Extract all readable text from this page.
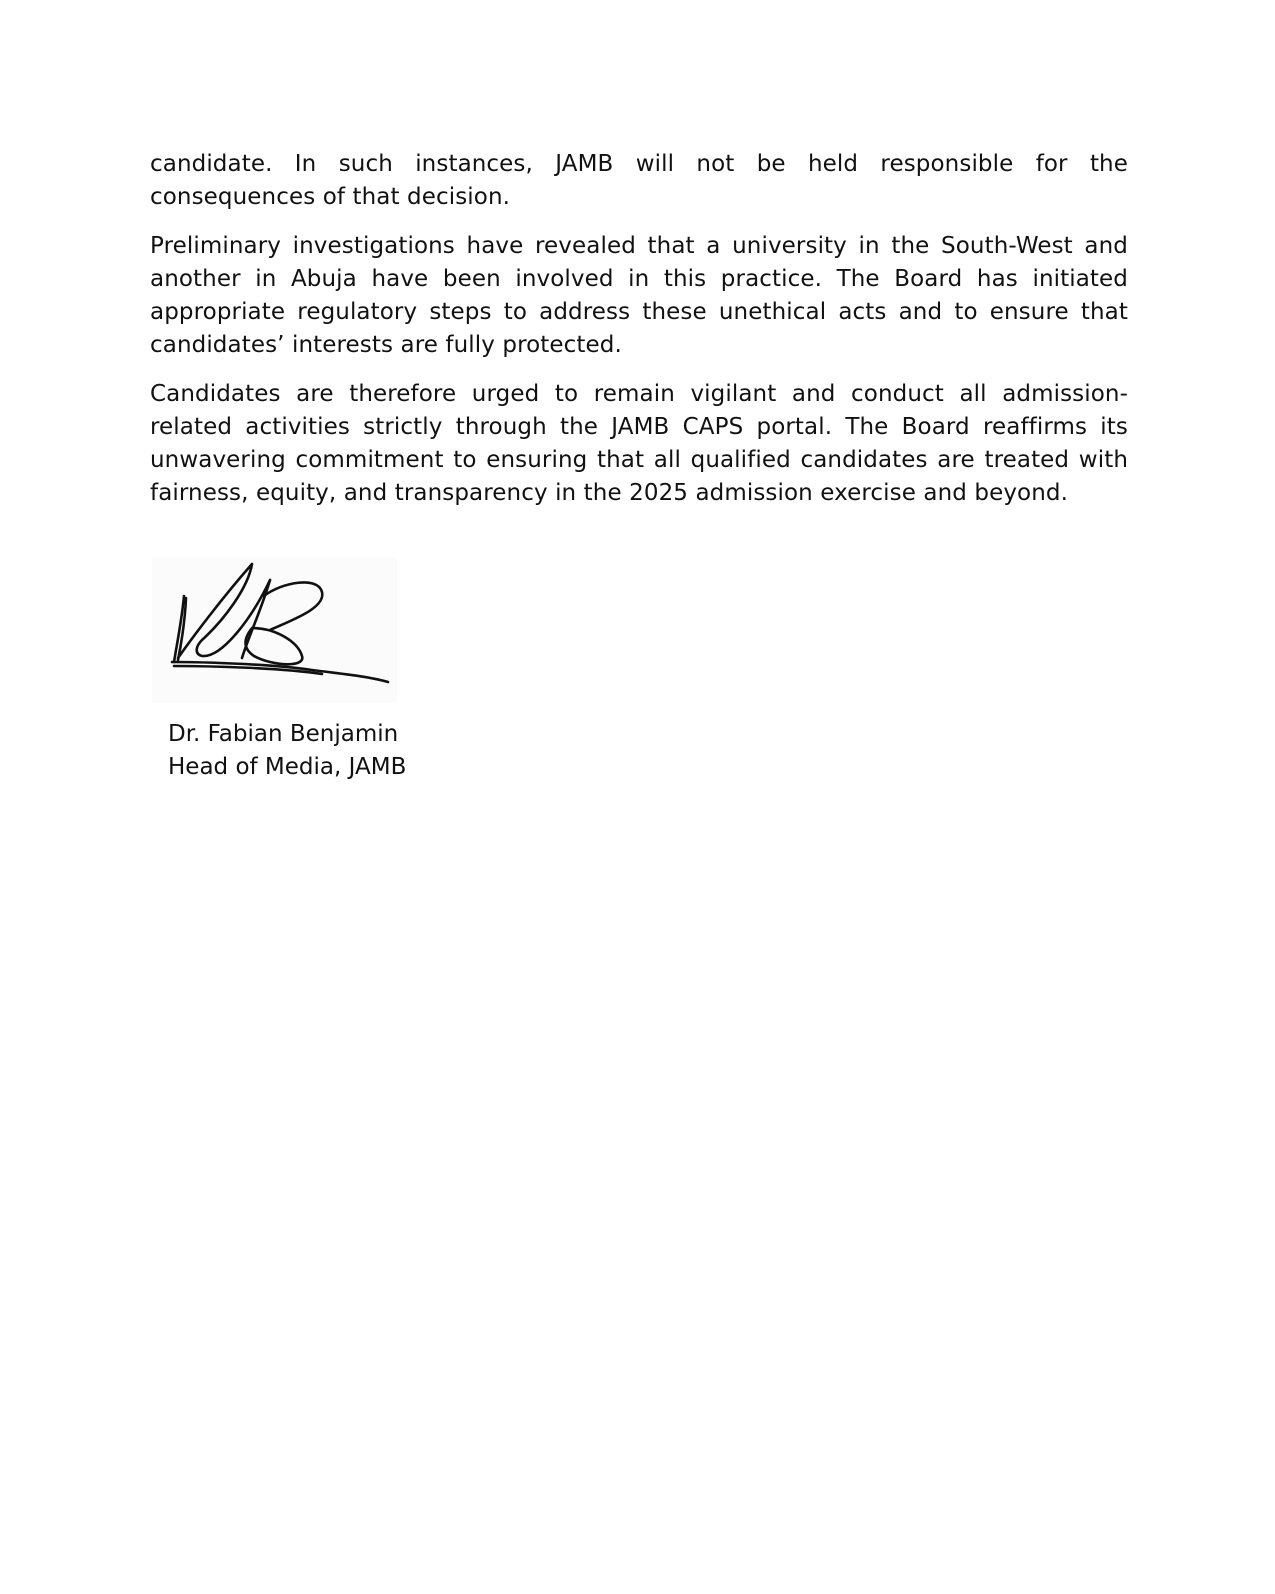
candidate. In such instances, JAMB will not be held responsible for the consequences of that decision.

Preliminary investigations have revealed that a university in the South-West and another in Abuja have been involved in this practice. The Board has initiated appropriate regulatory steps to address these unethical acts and to ensure that candidates’ interests are fully protected.

Candidates are therefore urged to remain vigilant and conduct all admission-related activities strictly through the JAMB CAPS portal. The Board reaffirms its unwavering commitment to ensuring that all qualified candidates are treated with fairness, equity, and transparency in the 2025 admission exercise and beyond.

Dr. Fabian Benjamin

Head of Media, JAMB
